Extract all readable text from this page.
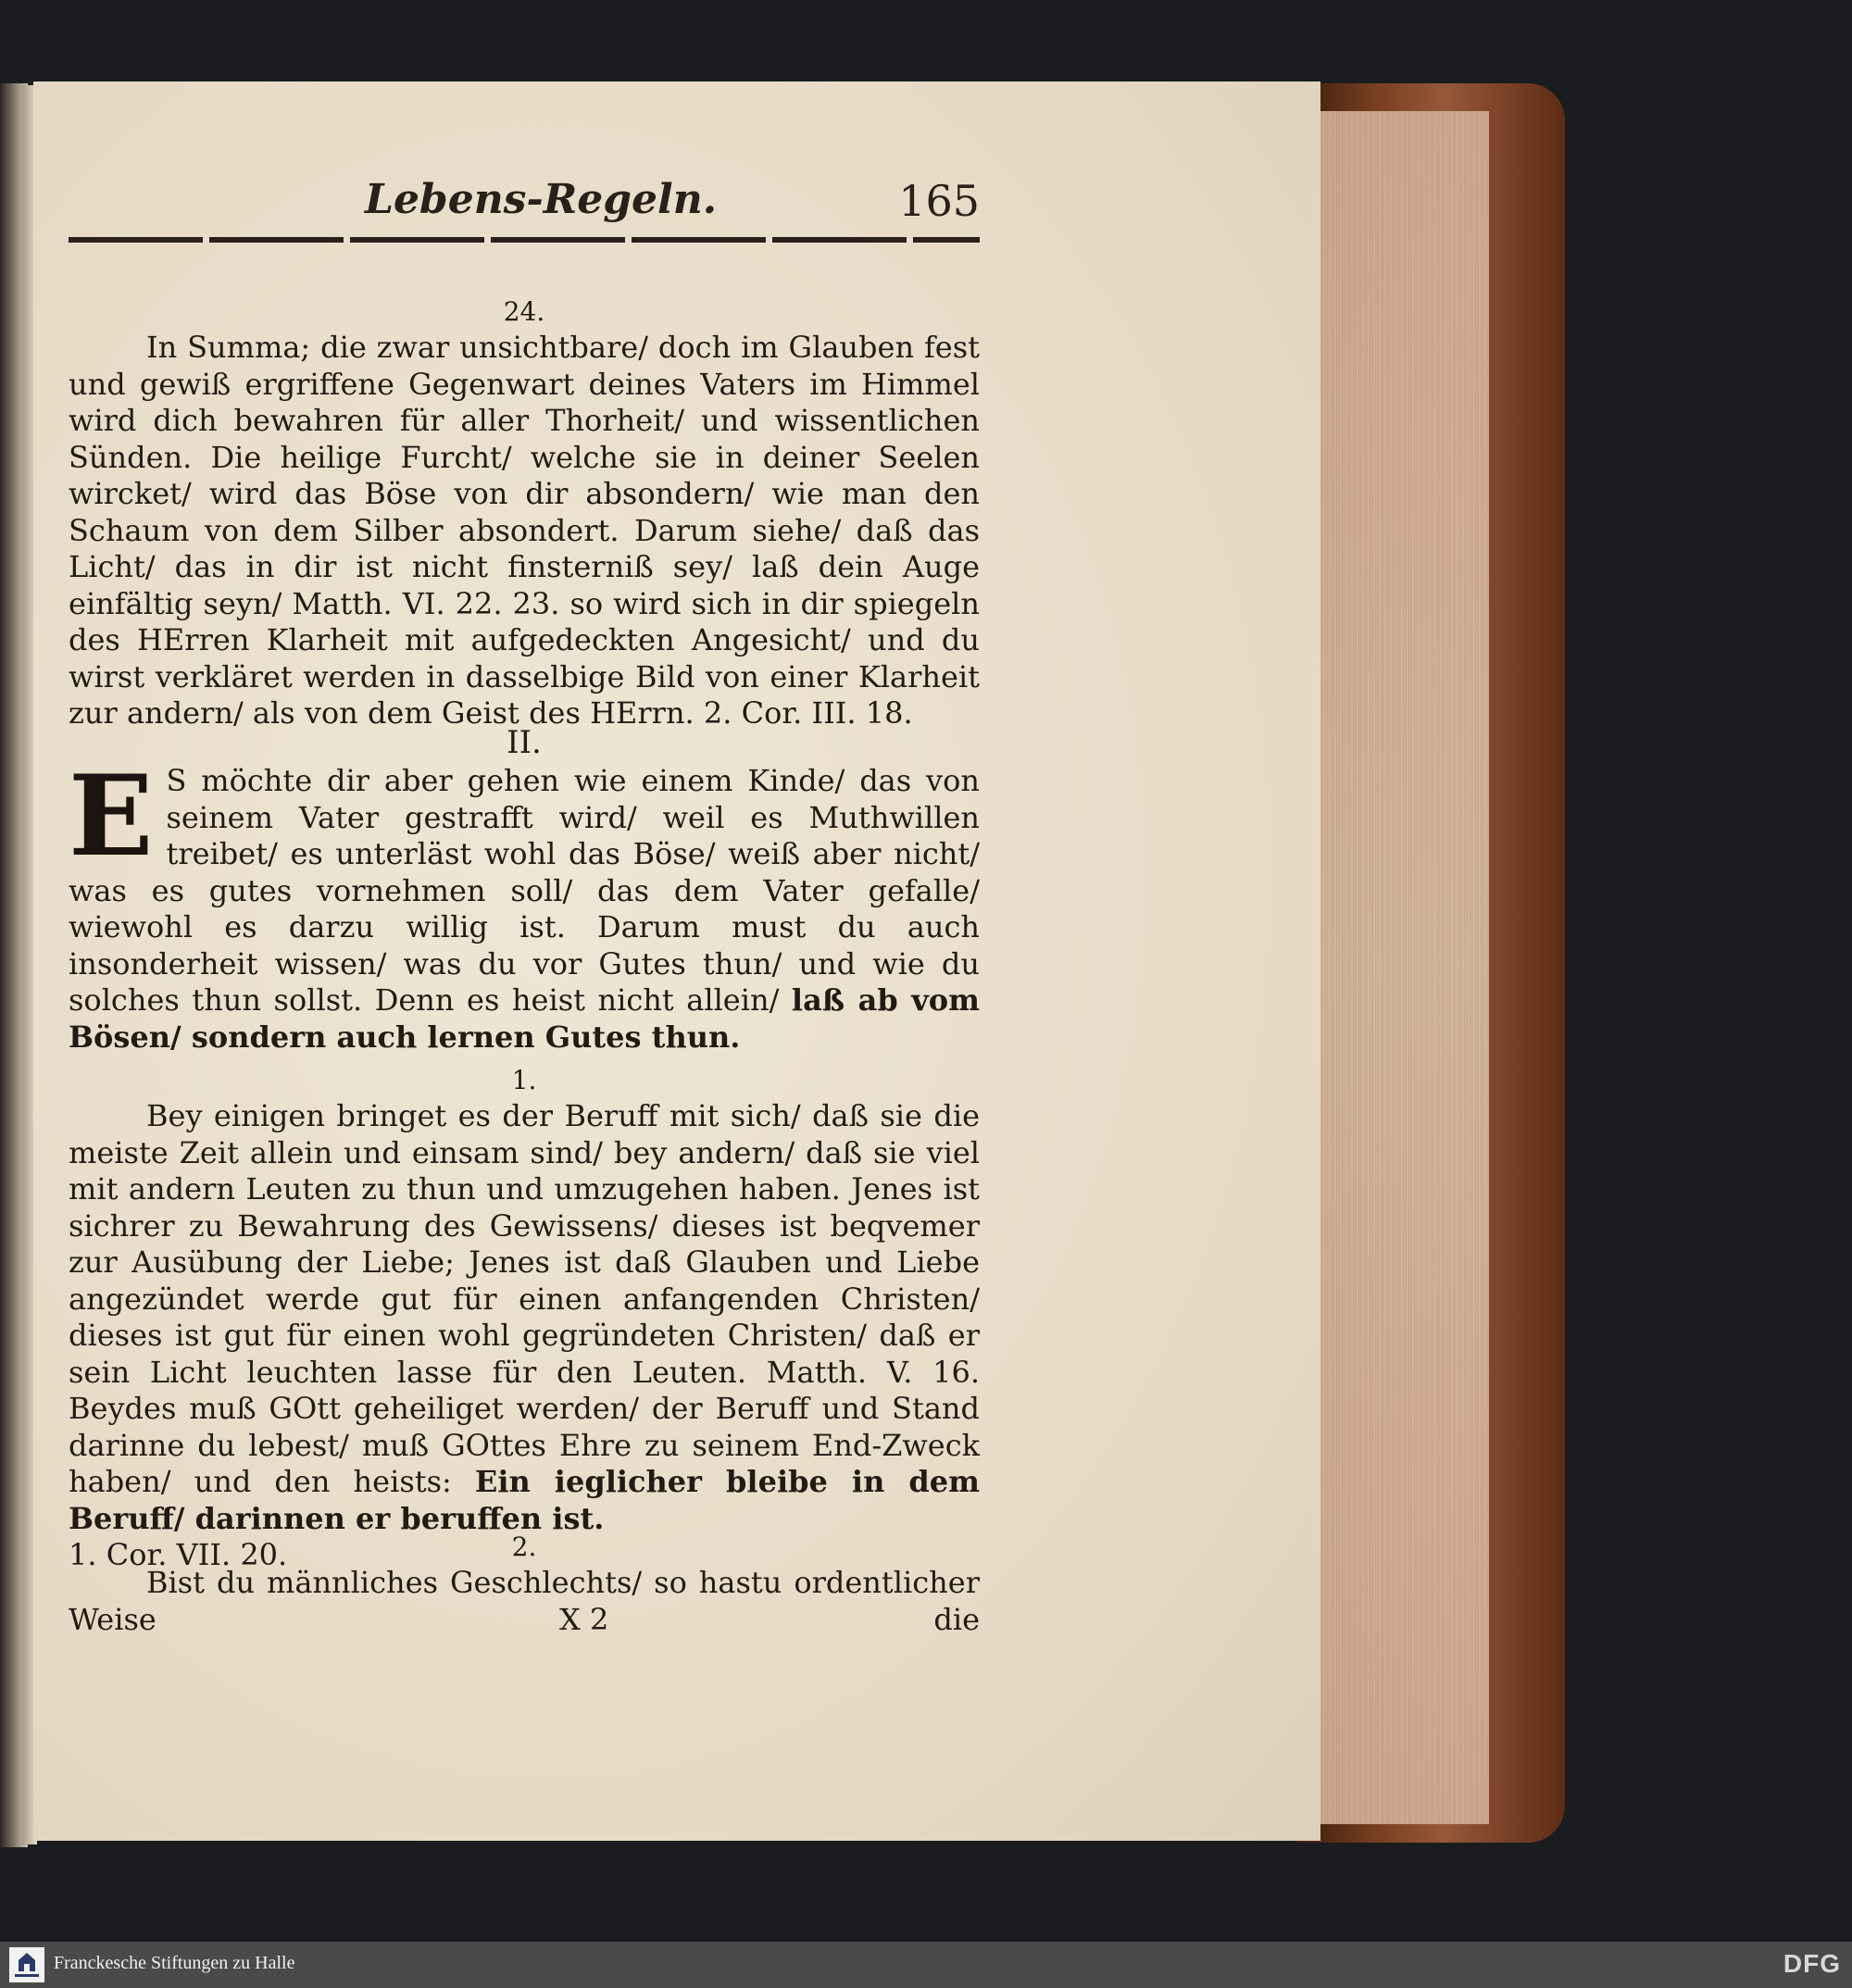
Lebens-Regeln.	165

24.

In Summa; die zwar unsichtbare/ doch im Glauben fest und gewiß ergriffene Gegenwart deines Vaters im Himmel wird dich bewahren für aller Thorheit/ und wissentlichen Sünden. Die heilige Furcht/ welche sie in deiner Seelen wircket/ wird das Böse von dir absondern/ wie man den Schaum von dem Silber absondert. Darum siehe/ daß das Licht/ das in dir ist nicht finsterniß sey/ laß dein Auge einfältig seyn/ Matth. VI. 22. 23. so wird sich in dir spiegeln des HErren Klarheit mit aufgedeckten Angesicht/ und du wirst verkläret werden in dasselbige Bild von einer Klarheit zur andern/ als von dem Geist des HErrn. 2. Cor. III. 18.

II.

E S möchte dir aber gehen wie einem Kinde/ das von seinem Vater gestrafft wird/ weil es Muthwillen treibet/ es unterläst wohl das Böse/ weiß aber nicht/ was es gutes vornehmen soll/ das dem Vater gefalle/ wiewohl es darzu willig ist. Darum must du auch insonderheit wissen/ was du vor Gutes thun/ und wie du solches thun sollst. Denn es heist nicht allein/ laß ab vom Bösen/ sondern auch lernen Gutes thun.

1.

Bey einigen bringet es der Beruff mit sich/ daß sie die meiste Zeit allein und einsam sind/ bey andern/ daß sie viel mit andern Leuten zu thun und umzugehen haben. Jenes ist sichrer zu Bewahrung des Gewissens/ dieses ist beqvemer zur Ausübung der Liebe; Jenes ist daß Glauben und Liebe angezündet werde gut für einen anfangenden Christen/ dieses ist gut für einen wohl gegründeten Christen/ daß er sein Licht leuchten lasse für den Leuten. Matth. V. 16. Beydes muß GOtt geheiliget werden/ der Beruff und Stand darinne du lebest/ muß GOttes Ehre zu seinem End-Zweck haben/ und den heists: Ein ieglicher bleibe in dem Beruff/ darinnen er beruffen ist.

1. Cor. VII. 20.	2.

Bist du männliches Geschlechts/ so hastu ordentlicher Weise	X 2	die
Franckesche Stiftungen zu Halle	DFG
